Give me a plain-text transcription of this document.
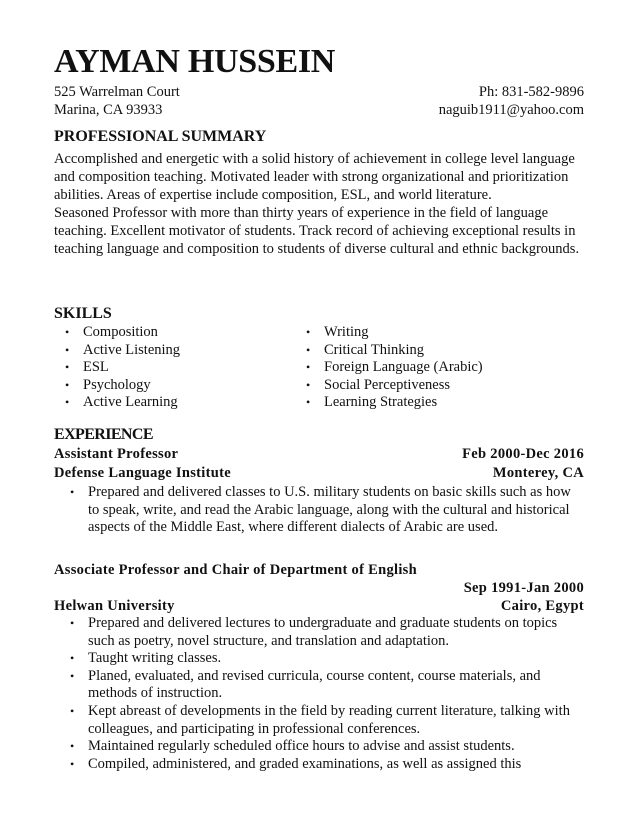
AYMAN HUSSEIN
525 Warrelman Court
Marina, CA 93933
Ph: 831-582-9896
naguib1911@yahoo.com
PROFESSIONAL SUMMARY

Accomplished and energetic with a solid history of achievement in college level language and composition teaching. Motivated leader with strong organizational and prioritization abilities. Areas of expertise include composition, ESL, and world literature.

Seasoned Professor with more than thirty years of experience in the field of language teaching. Excellent motivator of students. Track record of achieving exceptional results in teaching language and composition to students of diverse cultural and ethnic backgrounds.

SKILLS
• Composition
• Active Listening
• ESL
• Psychology
• Active Learning
• Writing
• Critical Thinking
• Foreign Language (Arabic)
• Social Perceptiveness
• Learning Strategies
EXPERIENCE
Assistant Professor	Feb 2000-Dec 2016
Defense Language Institute	Monterey, CA
• Prepared and delivered classes to U.S. military students on basic skills such as how to speak, write, and read the Arabic language, along with the cultural and historical aspects of the Middle East, where different dialects of Arabic are used.
Associate Professor and Chair of Department of English
Sep 1991-Jan 2000
Helwan University	Cairo, Egypt
• Prepared and delivered lectures to undergraduate and graduate students on topics such as poetry, novel structure, and translation and adaptation.
• Taught writing classes.
• Planed, evaluated, and revised curricula, course content, course materials, and methods of instruction.
• Kept abreast of developments in the field by reading current literature, talking with colleagues, and participating in professional conferences.
• Maintained regularly scheduled office hours to advise and assist students.
• Compiled, administered, and graded examinations, as well as assigned this
